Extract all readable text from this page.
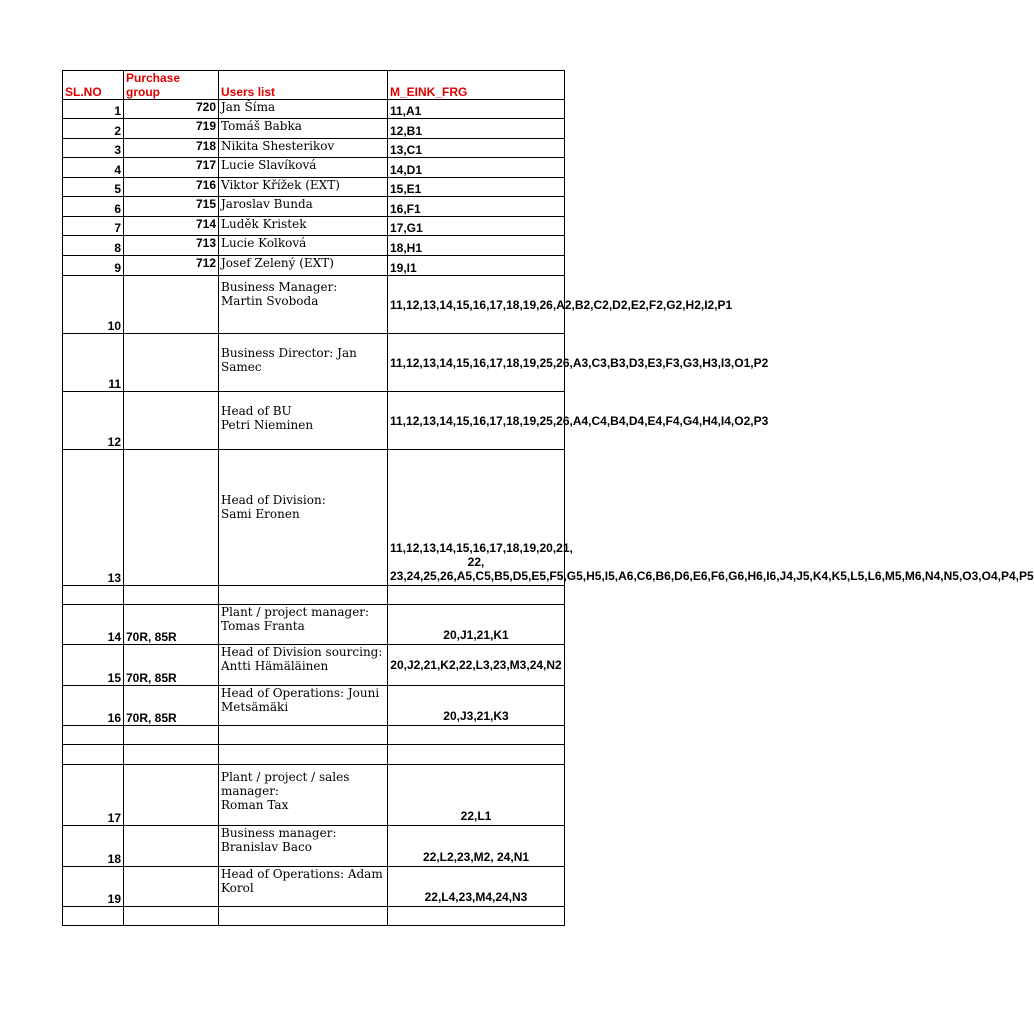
SL.NO	Purchase group	Users list	M_EINK_FRG
1	720	Jan Šíma	11,A1
2	719	Tomáš Babka	12,B1
3	718	Nikita Shesterikov	13,C1
4	717	Lucie Slavíková	14,D1
5	716	Viktor Křížek (EXT)	15,E1
6	715	Jaroslav Bunda	16,F1
7	714	Luděk Kristek	17,G1
8	713	Lucie Kolková	18,H1
9	712	Josef Zelený (EXT)	19,I1
10		Business Manager:
Martin Svoboda	11,12,13,14,15,16,17,18,19,26,A2,B2,C2,D2,E2,F2,G2,H2,I2,P1
11		Business Director: Jan
Samec	11,12,13,14,15,16,17,18,19,25,26,A3,C3,B3,D3,E3,F3,G3,H3,I3,O1,P2
12		Head of BU
Petri Nieminen	11,12,13,14,15,16,17,18,19,25,26,A4,C4,B4,D4,E4,F4,G4,H4,I4,O2,P3
13		Head of Division:
Sami Eronen	11,12,13,14,15,16,17,18,19,20,21, 22, 23,24,25,26,A5,C5,B5,D5,E5,F5,G5,H5,I5,A6,C6,B6,D6,E6,F6,G6,H6,I6,J4,J5,K4,K5,L5,L6,M5,M6,N4,N5,O3,O4,P4,P5

14	70R, 85R	Plant / project manager:
Tomas Franta	20,J1,21,K1
15	70R, 85R	Head of Division sourcing:
Antti Hämäläinen	20,J2,21,K2,22,L3,23,M3,24,N2
16	70R, 85R	Head of Operations: Jouni
Metsämäki	20,J3,21,K3

17		Plant / project / sales
manager:
Roman Tax	22,L1
18		Business manager:
Branislav Baco	22,L2,23,M2, 24,N1
19		Head of Operations: Adam
Korol	22,L4,23,M4,24,N3
